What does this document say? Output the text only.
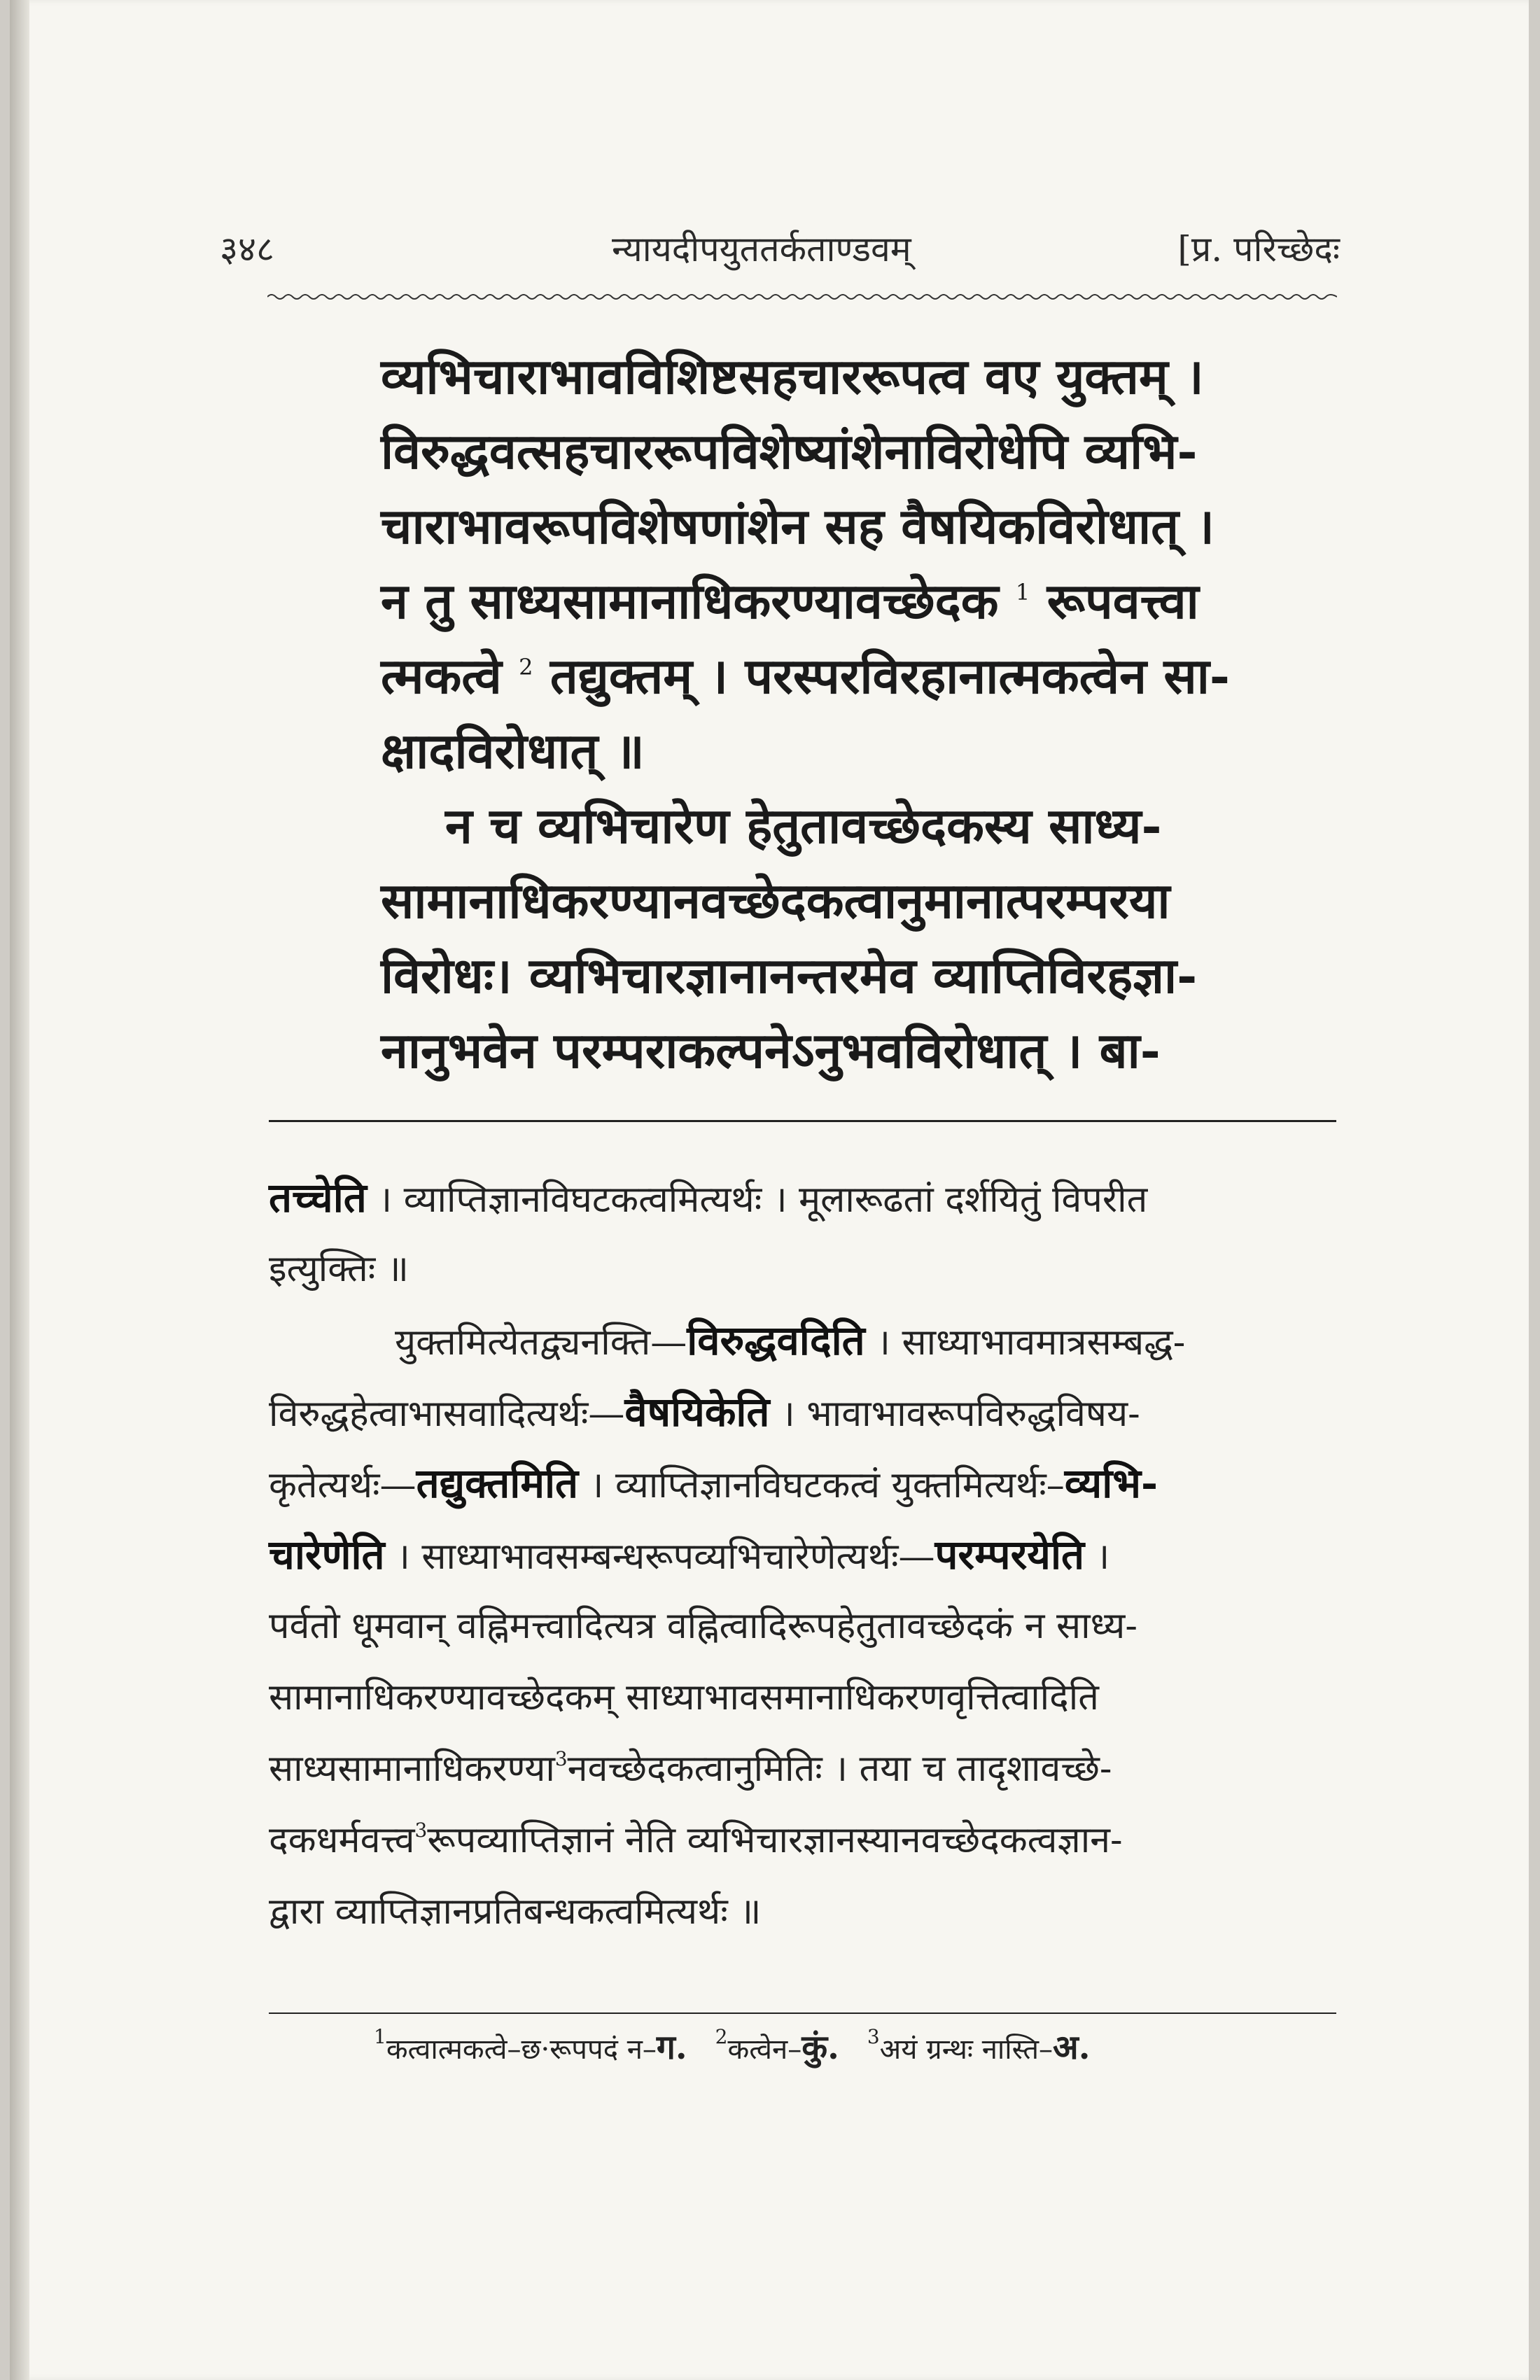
३४८	न्यायदीपयुततर्कताण्डवम्	[प्र. परिच्छेदः
व्यभिचाराभावविशिष्टसहचाररूपत्व वए युक्तम् ।
विरुद्धवत्सहचाररूपविशेष्यांशेनाविरोधेपि व्यभि-
चाराभावरूपविशेषणांशेन सह वैषयिकविरोधात् ।
न तु साध्यसामानाधिकरण्यावच्छेदक $^1$ रूपवत्त्वा
त्मकत्वे $^2$ तद्युक्तम् । परस्परविरहानात्मकत्वेन सा-
क्षादविरोधात् ॥
न च व्यभिचारेण हेतुतावच्छेदकस्य साध्य-
सामानाधिकरण्यानवच्छेदकत्वानुमानात्परम्परया
विरोधः। व्यभिचारज्ञानानन्तरमेव व्याप्तिविरहज्ञा-
नानुभवेन परम्पराकल्पनेऽनुभवविरोधात् । बा-
तच्चेति । व्याप्तिज्ञानविघटकत्वमित्यर्थः । मूलारूढतां दर्शयितुं विपरीत
इत्युक्तिः ॥
युक्तमित्येतद्व्यनक्ति—विरुद्धवदिति । साध्याभावमात्रसम्बद्ध-
विरुद्धहेत्वाभासवादित्यर्थः—वैषयिकेति । भावाभावरूपविरुद्धविषय-
कृतेत्यर्थः—तद्युक्तमिति । व्याप्तिज्ञानविघटकत्वं युक्तमित्यर्थः–व्यभि-
चारेणेति । साध्याभावसम्बन्धरूपव्यभिचारेणेत्यर्थः—परम्परयेति ।
पर्वतो धूमवान् वह्निमत्त्वादित्यत्र वह्नित्वादिरूपहेतुतावच्छेदकं न साध्य-
सामानाधिकरण्यावच्छेदकम् साध्याभावसमानाधिकरणवृत्तित्वादिति
साध्यसामानाधिकरण्या$^3$नवच्छेदकत्वानुमितिः । तया च तादृशावच्छे-
दकधर्मवत्त्व$^3$रूपव्याप्तिज्ञानं नेति व्यभिचारज्ञानस्यानवच्छेदकत्वज्ञान-
द्वारा व्याप्तिज्ञानप्रतिबन्धकत्वमित्यर्थः ॥
$^1$कत्वात्मकत्वे–छ·रूपपदं न–ग. $^2$कत्वेन–कुं. $^3$अयं ग्रन्थः नास्ति–अ.
